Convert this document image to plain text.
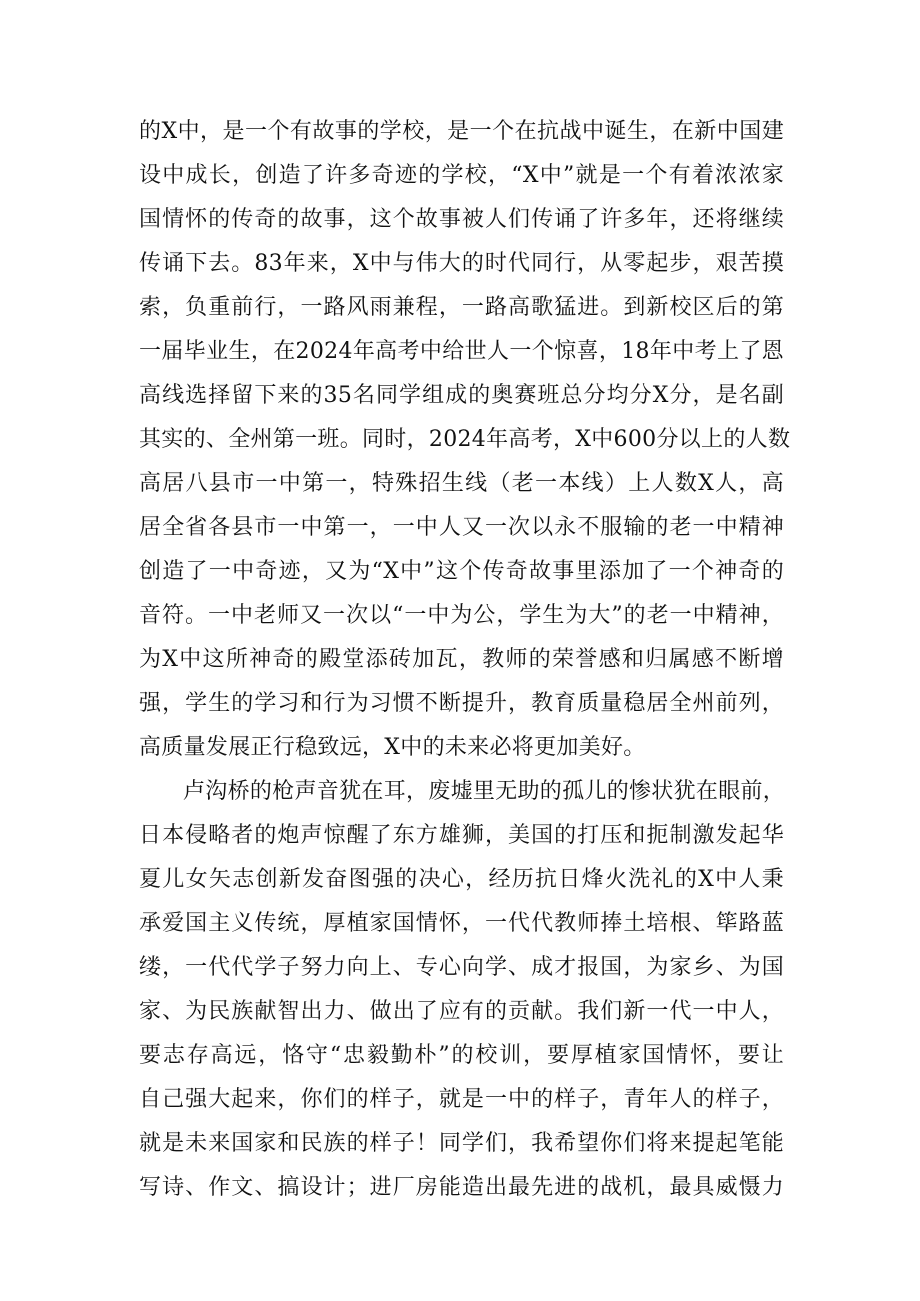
的X中，是一个有故事的学校，是一个在抗战中诞生，在新中国建
设中成长，创造了许多奇迹的学校，“X中”就是一个有着浓浓家
国情怀的传奇的故事，这个故事被人们传诵了许多年，还将继续
传诵下去。83年来，X中与伟大的时代同行，从零起步，艰苦摸
索，负重前行，一路风雨兼程，一路高歌猛进。到新校区后的第
一届毕业生，在2024年高考中给世人一个惊喜，18年中考上了恩
高线选择留下来的35名同学组成的奥赛班总分均分X分，是名副
其实的、全州第一班。同时，2024年高考，X中600分以上的人数
高居八县市一中第一，特殊招生线（老一本线）上人数X人，高
居全省各县市一中第一，一中人又一次以永不服输的老一中精神
创造了一中奇迹，又为“X中”这个传奇故事里添加了一个神奇的
音符。一中老师又一次以“一中为公，学生为大”的老一中精神，
为X中这所神奇的殿堂添砖加瓦，教师的荣誉感和归属感不断增
强，学生的学习和行为习惯不断提升，教育质量稳居全州前列，
高质量发展正行稳致远，X中的未来必将更加美好。
卢沟桥的枪声音犹在耳，废墟里无助的孤儿的惨状犹在眼前，
日本侵略者的炮声惊醒了东方雄狮，美国的打压和扼制激发起华
夏儿女矢志创新发奋图强的决心，经历抗日烽火洗礼的X中人秉
承爱国主义传统，厚植家国情怀，一代代教师捧土培根、筚路蓝
缕，一代代学子努力向上、专心向学、成才报国，为家乡、为国
家、为民族献智出力、做出了应有的贡献。我们新一代一中人，
要志存高远，恪守“忠毅勤朴”的校训，要厚植家国情怀，要让
自己强大起来，你们的样子，就是一中的样子，青年人的样子，
就是未来国家和民族的样子！同学们，我希望你们将来提起笔能
写诗、作文、搞设计；进厂房能造出最先进的战机，最具威慑力
